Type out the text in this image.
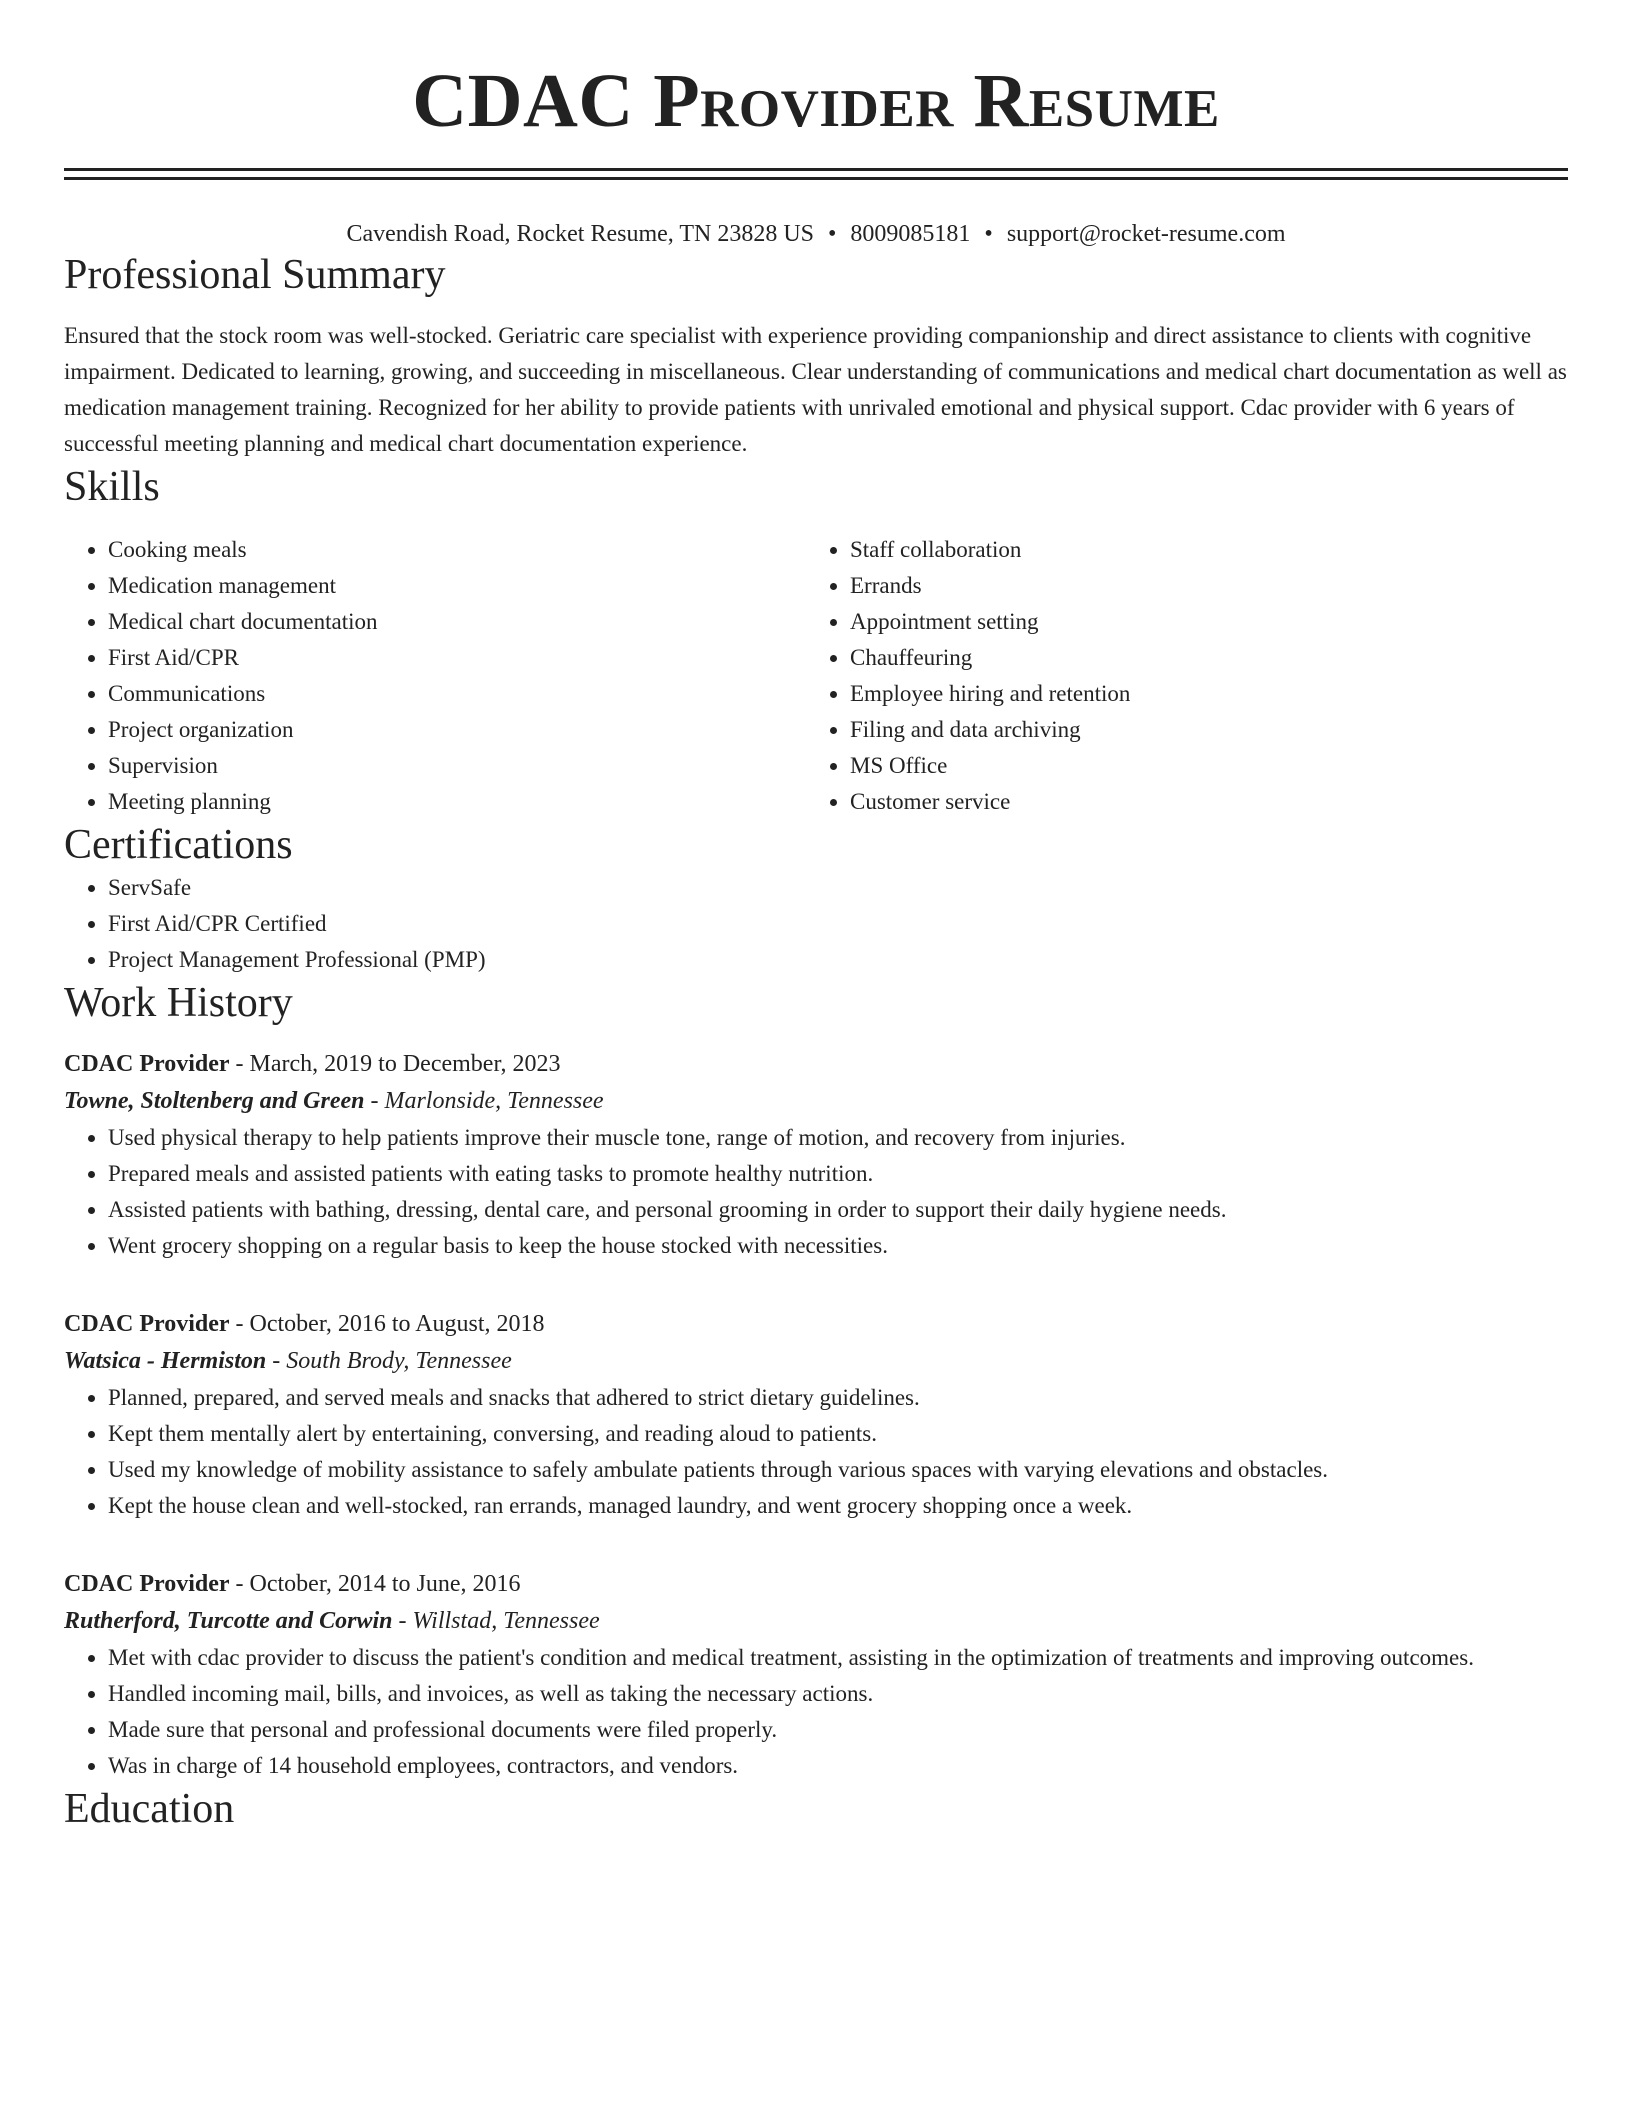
CDAC Provider Resume
Cavendish Road, Rocket Resume, TN 23828 US • 8009085181 • support@rocket-resume.com
Professional Summary

Ensured that the stock room was well-stocked. Geriatric care specialist with experience providing companionship and direct assistance to clients with cognitive impairment. Dedicated to learning, growing, and succeeding in miscellaneous. Clear understanding of communications and medical chart documentation as well as medication management training. Recognized for her ability to provide patients with unrivaled emotional and physical support. Cdac provider with 6 years of successful meeting planning and medical chart documentation experience.

Skills
• Cooking meals
• Medication management
• Medical chart documentation
• First Aid/CPR
• Communications
• Project organization
• Supervision
• Meeting planning
• Staff collaboration
• Errands
• Appointment setting
• Chauffeuring
• Employee hiring and retention
• Filing and data archiving
• MS Office
• Customer service
Certifications
• ServSafe
• First Aid/CPR Certified
• Project Management Professional (PMP)
Work History
CDAC Provider - March, 2019 to December, 2023
Towne, Stoltenberg and Green - Marlonside, Tennessee
• Used physical therapy to help patients improve their muscle tone, range of motion, and recovery from injuries.
• Prepared meals and assisted patients with eating tasks to promote healthy nutrition.
• Assisted patients with bathing, dressing, dental care, and personal grooming in order to support their daily hygiene needs.
• Went grocery shopping on a regular basis to keep the house stocked with necessities.
CDAC Provider - October, 2016 to August, 2018
Watsica - Hermiston - South Brody, Tennessee
• Planned, prepared, and served meals and snacks that adhered to strict dietary guidelines.
• Kept them mentally alert by entertaining, conversing, and reading aloud to patients.
• Used my knowledge of mobility assistance to safely ambulate patients through various spaces with varying elevations and obstacles.
• Kept the house clean and well-stocked, ran errands, managed laundry, and went grocery shopping once a week.
CDAC Provider - October, 2014 to June, 2016
Rutherford, Turcotte and Corwin - Willstad, Tennessee
• Met with cdac provider to discuss the patient's condition and medical treatment, assisting in the optimization of treatments and improving outcomes.
• Handled incoming mail, bills, and invoices, as well as taking the necessary actions.
• Made sure that personal and professional documents were filed properly.
• Was in charge of 14 household employees, contractors, and vendors.
Education
